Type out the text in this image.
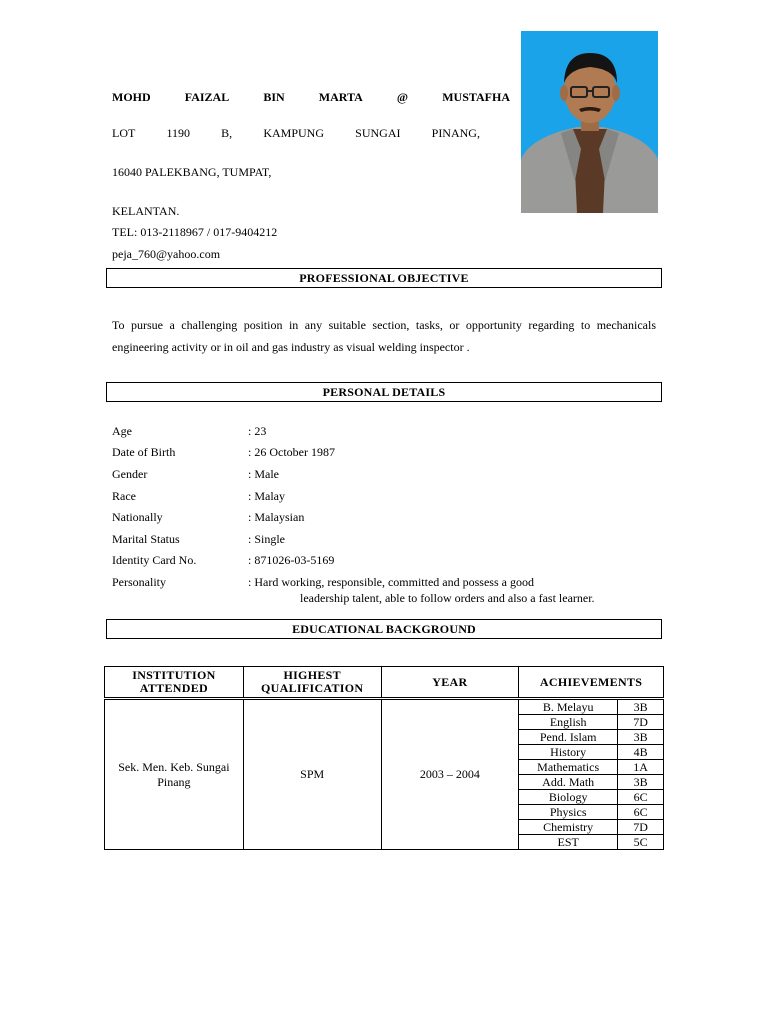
MOHD	FAIZAL	BIN	MARTA	@	MUSTAFHA
LOT	1190	B,	KAMPUNG	SUNGAI	PINANG,
16040 PALEKBANG, TUMPAT,
KELANTAN.
TEL: 013-2118967 / 017-9404212
peja_760@yahoo.com
PROFESSIONAL OBJECTIVE
To pursue a challenging position in any suitable section, tasks, or opportunity regarding to mechanicals engineering activity or in oil and gas industry as visual welding inspector .
PERSONAL DETAILS
Age	: 23
Date of Birth	: 26 October 1987
Gender	: Male
Race	: Malay
Nationally	: Malaysian
Marital Status	: Single
Identity Card No.	: 871026-03-5169
Personality	: Hard working, responsible, committed and possess a good
leadership talent, able to follow orders and also a fast learner.
EDUCATIONAL BACKGROUND
INSTITUTION ATTENDED	HIGHEST QUALIFICATION	YEAR	ACHIEVEMENTS
Sek. Men. Keb. Sungai Pinang	SPM	2003 – 2004	
B. Melayu	3B
English	7D
Pend. Islam	3B
History	4B
Mathematics	1A
Add. Math	3B
Biology	6C
Physics	6C
Chemistry	7D
EST	5C
